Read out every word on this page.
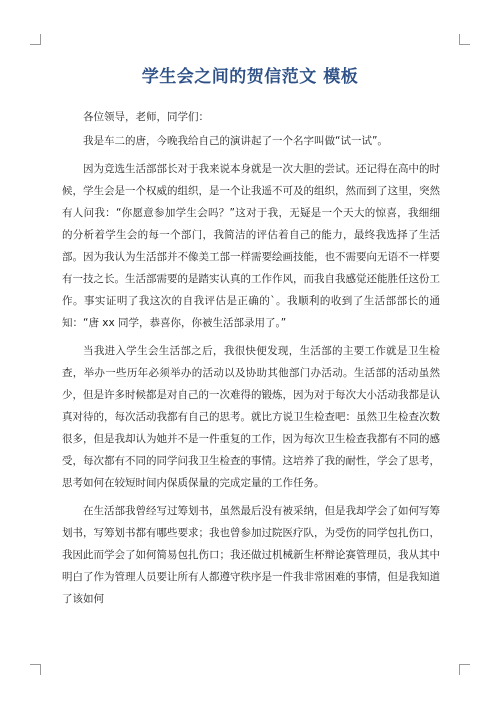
学生会之间的贺信范文 模板

各位领导，老师，同学们：

我是车二的唐，今晚我给自己的演讲起了一个名字叫做“试一试”。

因为竞选生活部部长对于我来说本身就是一次大胆的尝试。还记得在高中的时候，学生会是一个权威的组织，是一个让我遥不可及的组织，然而到了这里，突然有人问我：“你愿意参加学生会吗？”这对于我，无疑是一个天大的惊喜，我细细的分析着学生会的每一个部门，我简洁的评估着自己的能力，最终我选择了生活部。因为我认为生活部并不像美工部一样需要绘画技能，也不需要向无语不一样要有一技之长。生活部需要的是踏实认真的工作作风，而我自我感觉还能胜任这份工作。事实证明了我这次的自我评估是正确的`。我顺利的收到了生活部部长的通知：“唐 xx 同学，恭喜你，你被生活部录用了。”

当我进入学生会生活部之后，我很快便发现，生活部的主要工作就是卫生检查，举办一些历年必须举办的活动以及协助其他部门办活动。生活部的活动虽然少，但是许多时候都是对自己的一次难得的锻炼，因为对于每次大小活动我都是认真对待的，每次活动我都有自己的思考。就比方说卫生检查吧：虽然卫生检查次数很多，但是我却认为她并不是一件重复的工作，因为每次卫生检查我都有不同的感受，每次都有不同的同学问我卫生检查的事情。这培养了我的耐性，学会了思考，思考如何在较短时间内保质保量的完成定量的工作任务。

在生活部我曾经写过筹划书，虽然最后没有被采纳，但是我却学会了如何写筹划书，写筹划书都有哪些要求；我也曾参加过院医疗队，为受伤的同学包扎伤口，我因此而学会了如何简易包扎伤口；我还做过机械新生杯辩论赛管理员，我从其中明白了作为管理人员要让所有人都遵守秩序是一件我非常困难的事情，但是我知道了该如何
